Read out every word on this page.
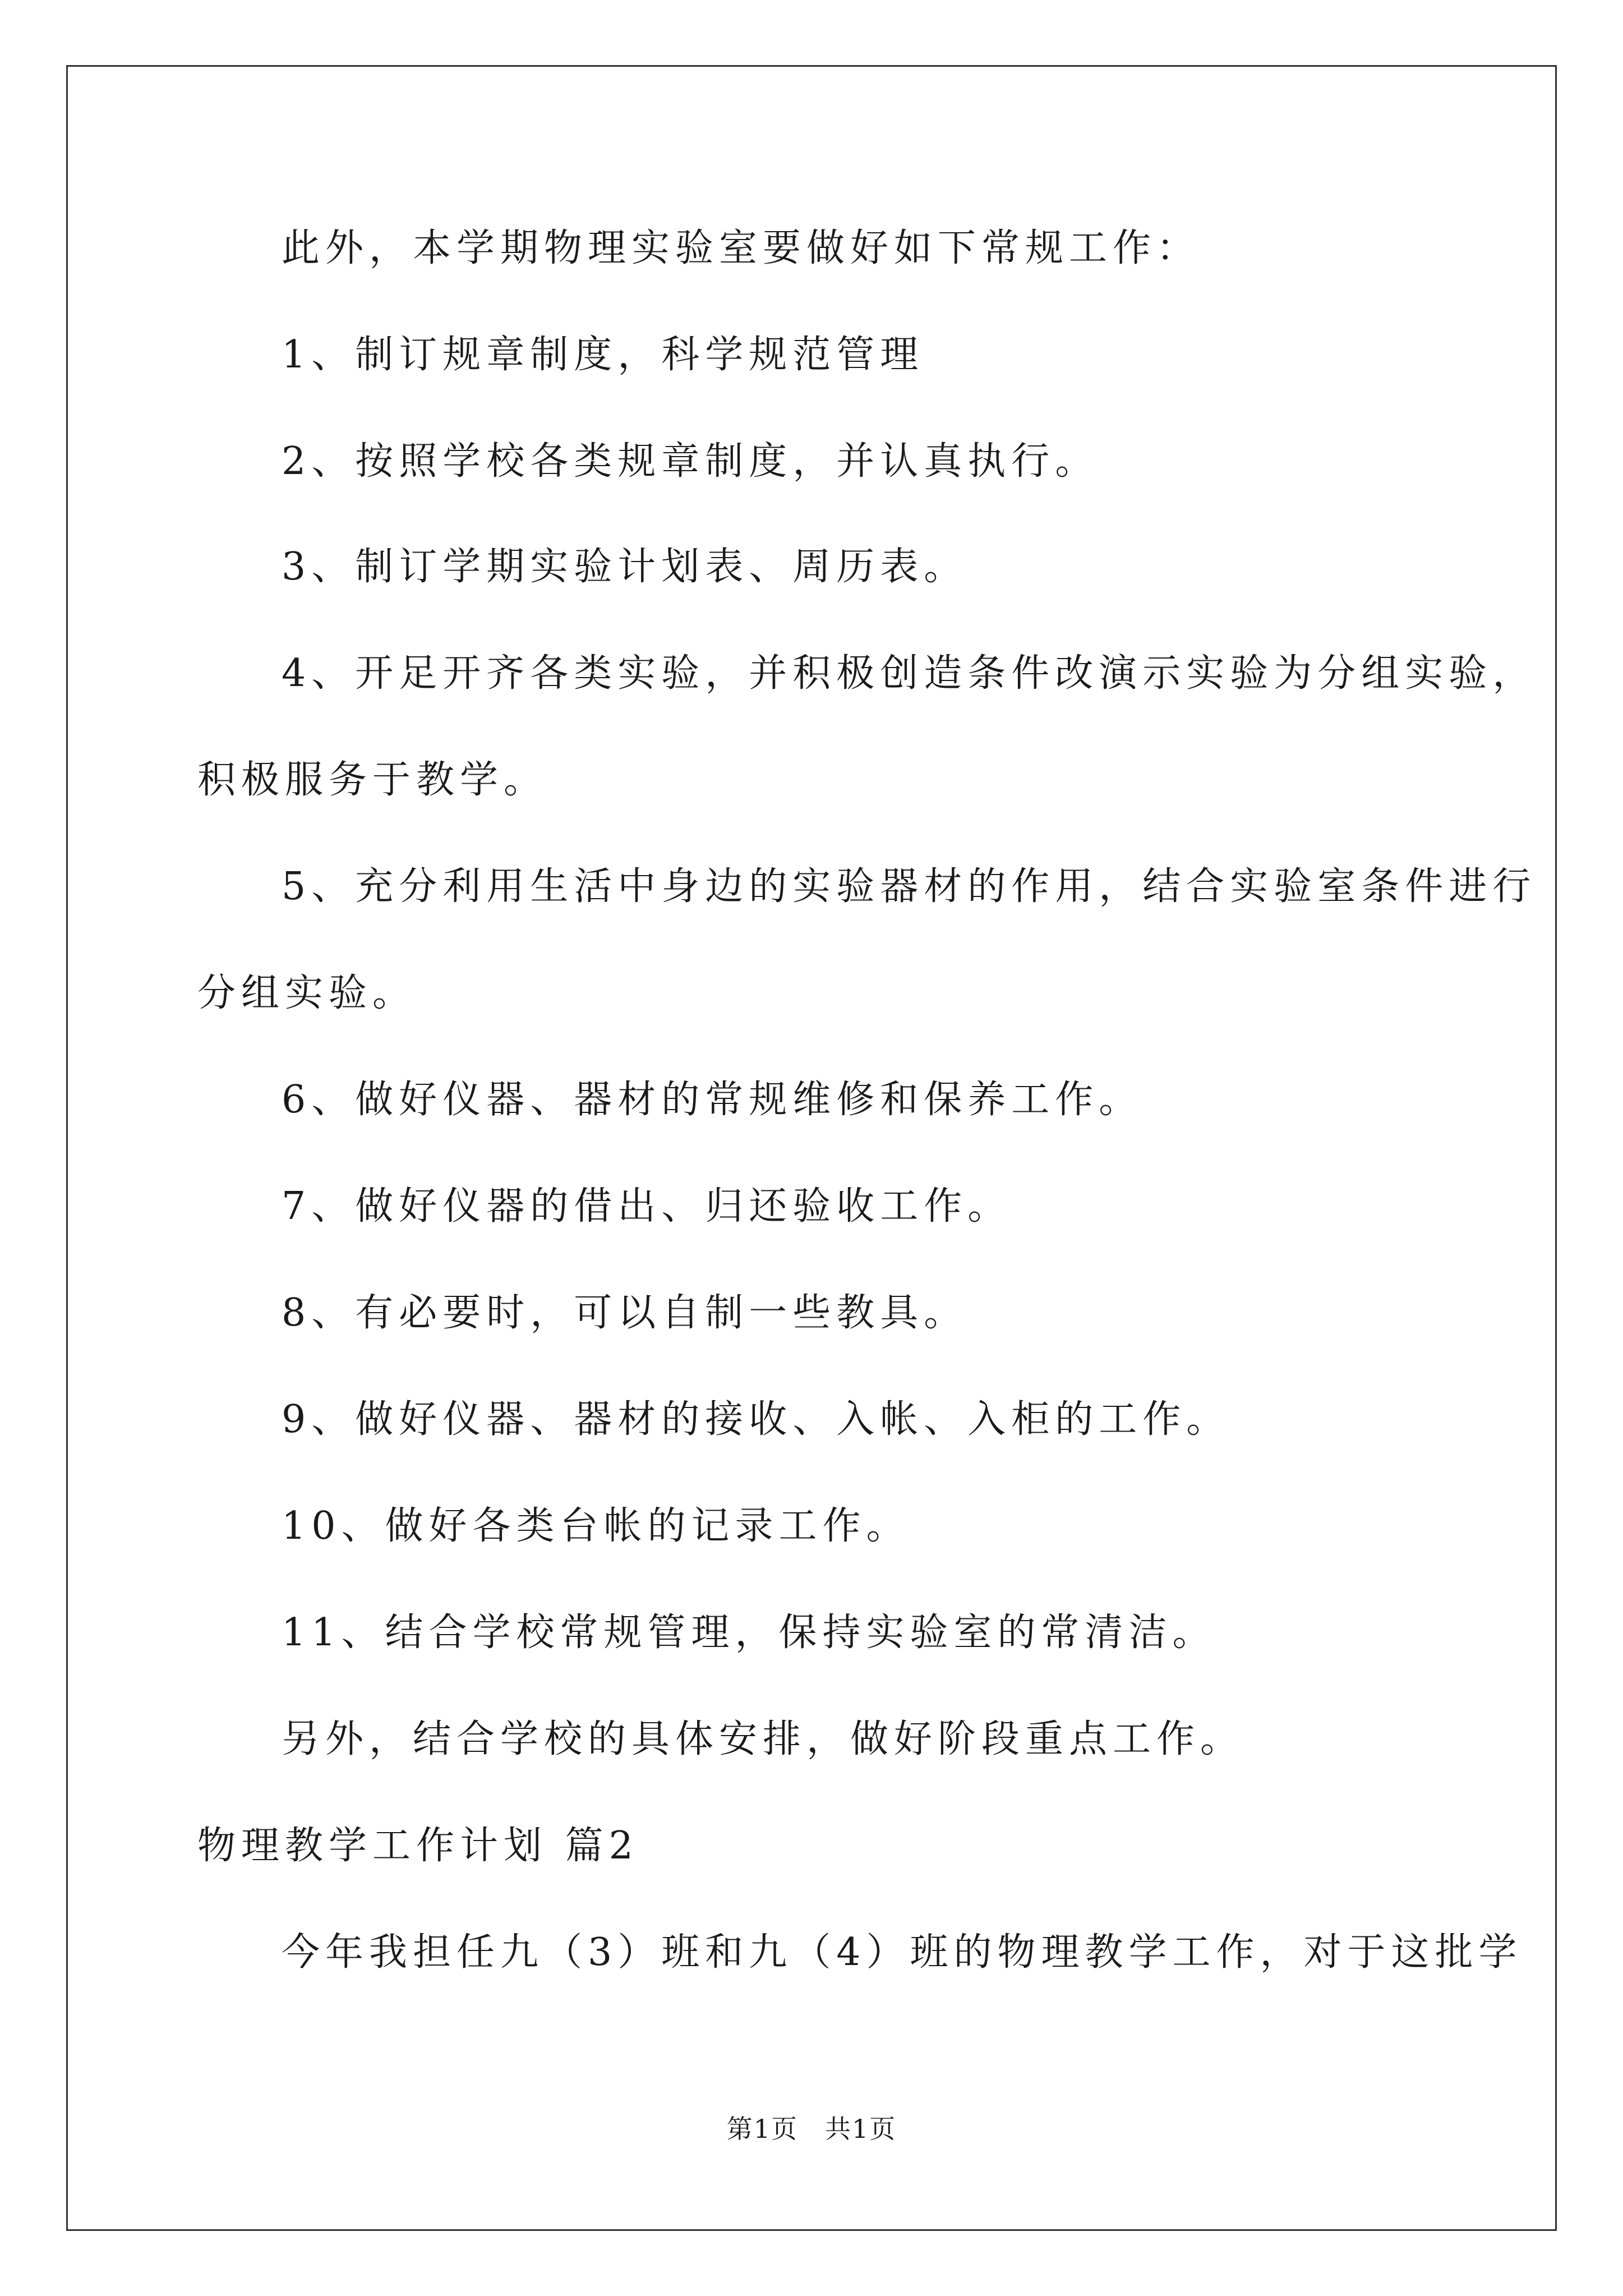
此外，本学期物理实验室要做好如下常规工作：
1、制订规章制度，科学规范管理
2、按照学校各类规章制度，并认真执行。
3、制订学期实验计划表、周历表。
4、开足开齐各类实验，并积极创造条件改演示实验为分组实验，
积极服务于教学。
5、充分利用生活中身边的实验器材的作用，结合实验室条件进行
分组实验。
6、做好仪器、器材的常规维修和保养工作。
7、做好仪器的借出、归还验收工作。
8、有必要时，可以自制一些教具。
9、做好仪器、器材的接收、入帐、入柜的工作。
10、做好各类台帐的记录工作。
11、结合学校常规管理，保持实验室的常清洁。
另外，结合学校的具体安排，做好阶段重点工作。
物理教学工作计划 篇2
今年我担任九（3）班和九（4）班的物理教学工作，对于这批学
第1页 共1页
